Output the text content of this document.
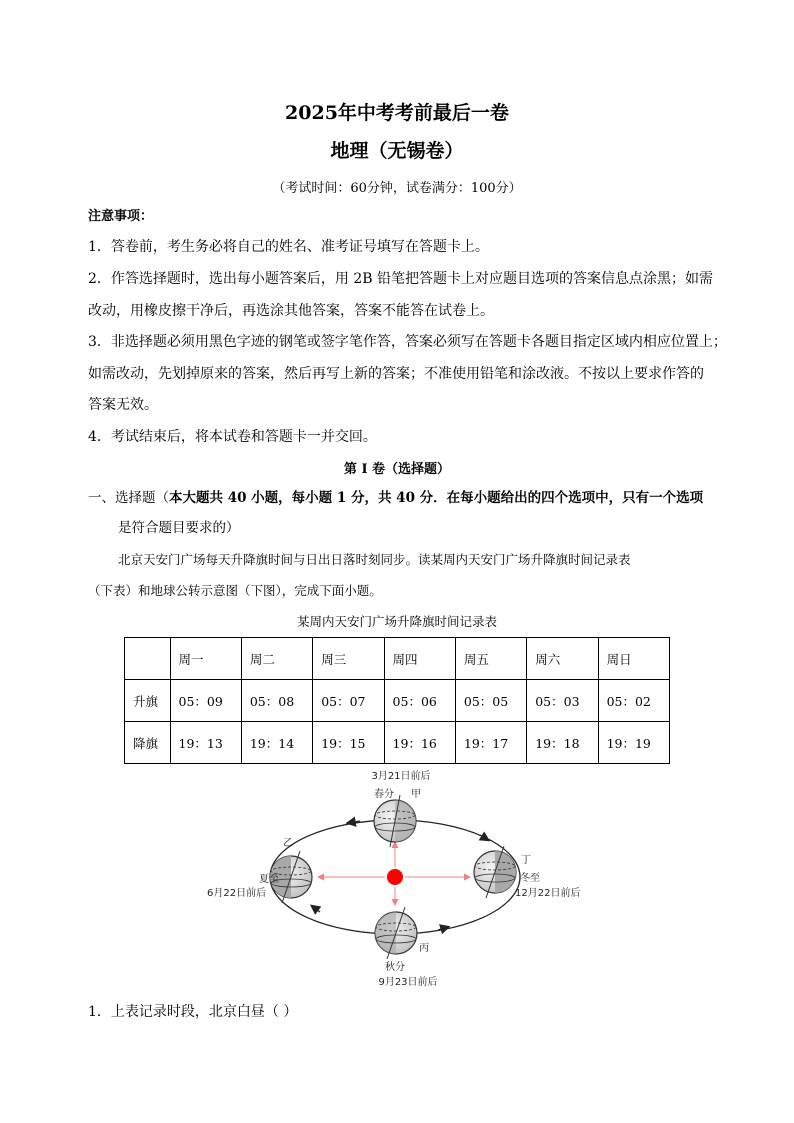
2025年中考考前最后一卷
地理（无锡卷）
（考试时间：60分钟，试卷满分：100分）
注意事项：
1．答卷前，考生务必将自己的姓名、准考证号填写在答题卡上。
2．作答选择题时，选出每小题答案后，用 2B 铅笔把答题卡上对应题目选项的答案信息点涂黑；如需
改动，用橡皮擦干净后，再选涂其他答案，答案不能答在试卷上。
3．非选择题必须用黑色字迹的钢笔或签字笔作答，答案必须写在答题卡各题目指定区域内相应位置上；
如需改动，先划掉原来的答案，然后再写上新的答案；不准使用铅笔和涂改液。不按以上要求作答的
答案无效。
4．考试结束后，将本试卷和答题卡一并交回。
第 I 卷（选择题）
一、选择题（本大题共 40 小题，每小题 1 分，共 40 分．在每小题给出的四个选项中，只有一个选项
是符合题目要求的）
北京天安门广场每天升降旗时间与日出日落时刻同步。读某周内天安门广场升降旗时间记录表
（下表）和地球公转示意图（下图），完成下面小题。
某周内天安门广场升降旗时间记录表
	周一	周二	周三	周四	周五	周六	周日
升旗	05：09	05：08	05：07	05：06	05：05	05：03	05：02
降旗	19：13	19：14	19：15	19：16	19：17	19：18	19：19
3月21日前后
春分 甲
乙
夏至
6月22日前后
丁
冬至
12月22日前后
丙
秋分
9月23日前后
1．上表记录时段，北京白昼（ ）
